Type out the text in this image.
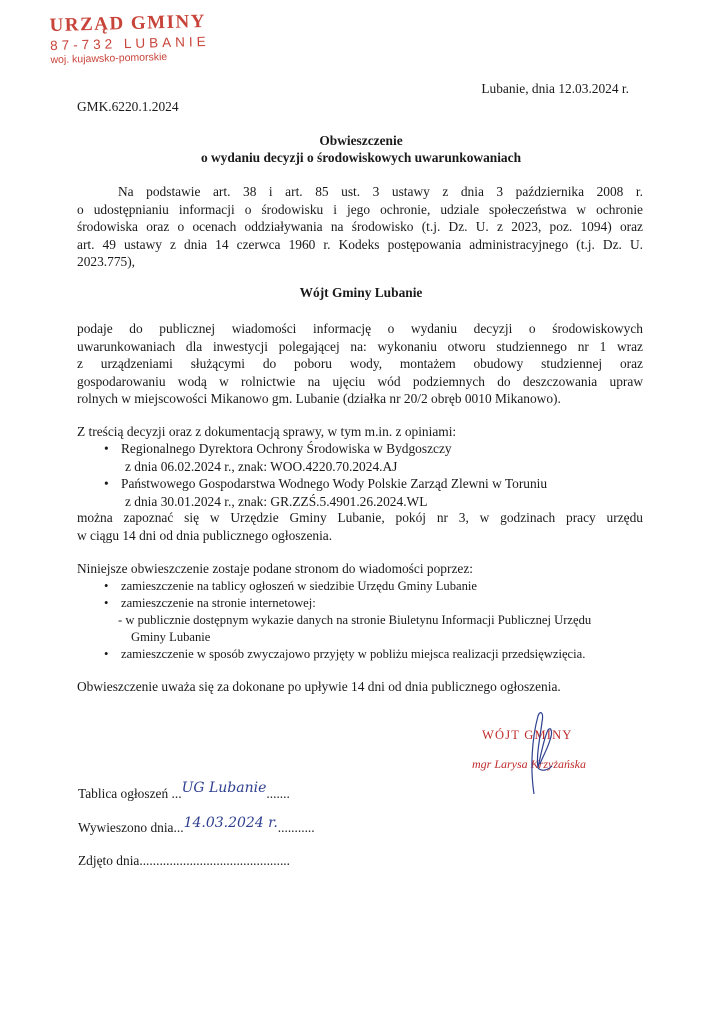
URZĄD GMINY
87-732 LUBANIE
woj. kujawsko-pomorskie
Lubanie, dnia 12.03.2024 r.
GMK.6220.1.2024
Obwieszczenie
o wydaniu decyzji o środowiskowych uwarunkowaniach
Na podstawie art. 38 i art. 85 ust. 3 ustawy z dnia 3 października 2008 r.
o udostępnianiu informacji o środowisku i jego ochronie, udziale społeczeństwa w ochronie
środowiska oraz o ocenach oddziaływania na środowisko (t.j. Dz. U. z 2023, poz. 1094) oraz
art. 49 ustawy z dnia 14 czerwca 1960 r. Kodeks postępowania administracyjnego (t.j. Dz. U.
2023.775),
Wójt Gminy Lubanie
podaje do publicznej wiadomości informację o wydaniu decyzji o środowiskowych
uwarunkowaniach dla inwestycji polegającej na: wykonaniu otworu studziennego nr 1 wraz
z urządzeniami służącymi do poboru wody, montażem obudowy studziennej oraz
gospodarowaniu wodą w rolnictwie na ujęciu wód podziemnych do deszczowania upraw
rolnych w miejscowości Mikanowo gm. Lubanie (działka nr 20/2 obręb 0010 Mikanowo).
Z treścią decyzji oraz z dokumentacją sprawy, w tym m.in. z opiniami:
• Regionalnego Dyrektora Ochrony Środowiska w Bydgoszczy
z dnia 06.02.2024 r., znak: WOO.4220.70.2024.AJ
• Państwowego Gospodarstwa Wodnego Wody Polskie Zarząd Zlewni w Toruniu
z dnia 30.01.2024 r., znak: GR.ZZŚ.5.4901.26.2024.WL
można zapoznać się w Urzędzie Gminy Lubanie, pokój nr 3, w godzinach pracy urzędu
w ciągu 14 dni od dnia publicznego ogłoszenia.
Niniejsze obwieszczenie zostaje podane stronom do wiadomości poprzez:
• zamieszczenie na tablicy ogłoszeń w siedzibie Urzędu Gminy Lubanie
• zamieszczenie na stronie internetowej:
- w publicznie dostępnym wykazie danych na stronie Biuletynu Informacji Publicznej Urzędu
Gminy Lubanie
• zamieszczenie w sposób zwyczajowo przyjęty w pobliżu miejsca realizacji przedsięwzięcia.
Obwieszczenie uważa się za dokonane po upływie 14 dni od dnia publicznego ogłoszenia.
WÓJT GMINY
mgr Larysa Krzyżańska
Tablica ogłoszeń ...UG Lubanie.......
Wywieszono dnia...14.03.2024 r............
Zdjęto dnia.............................................
